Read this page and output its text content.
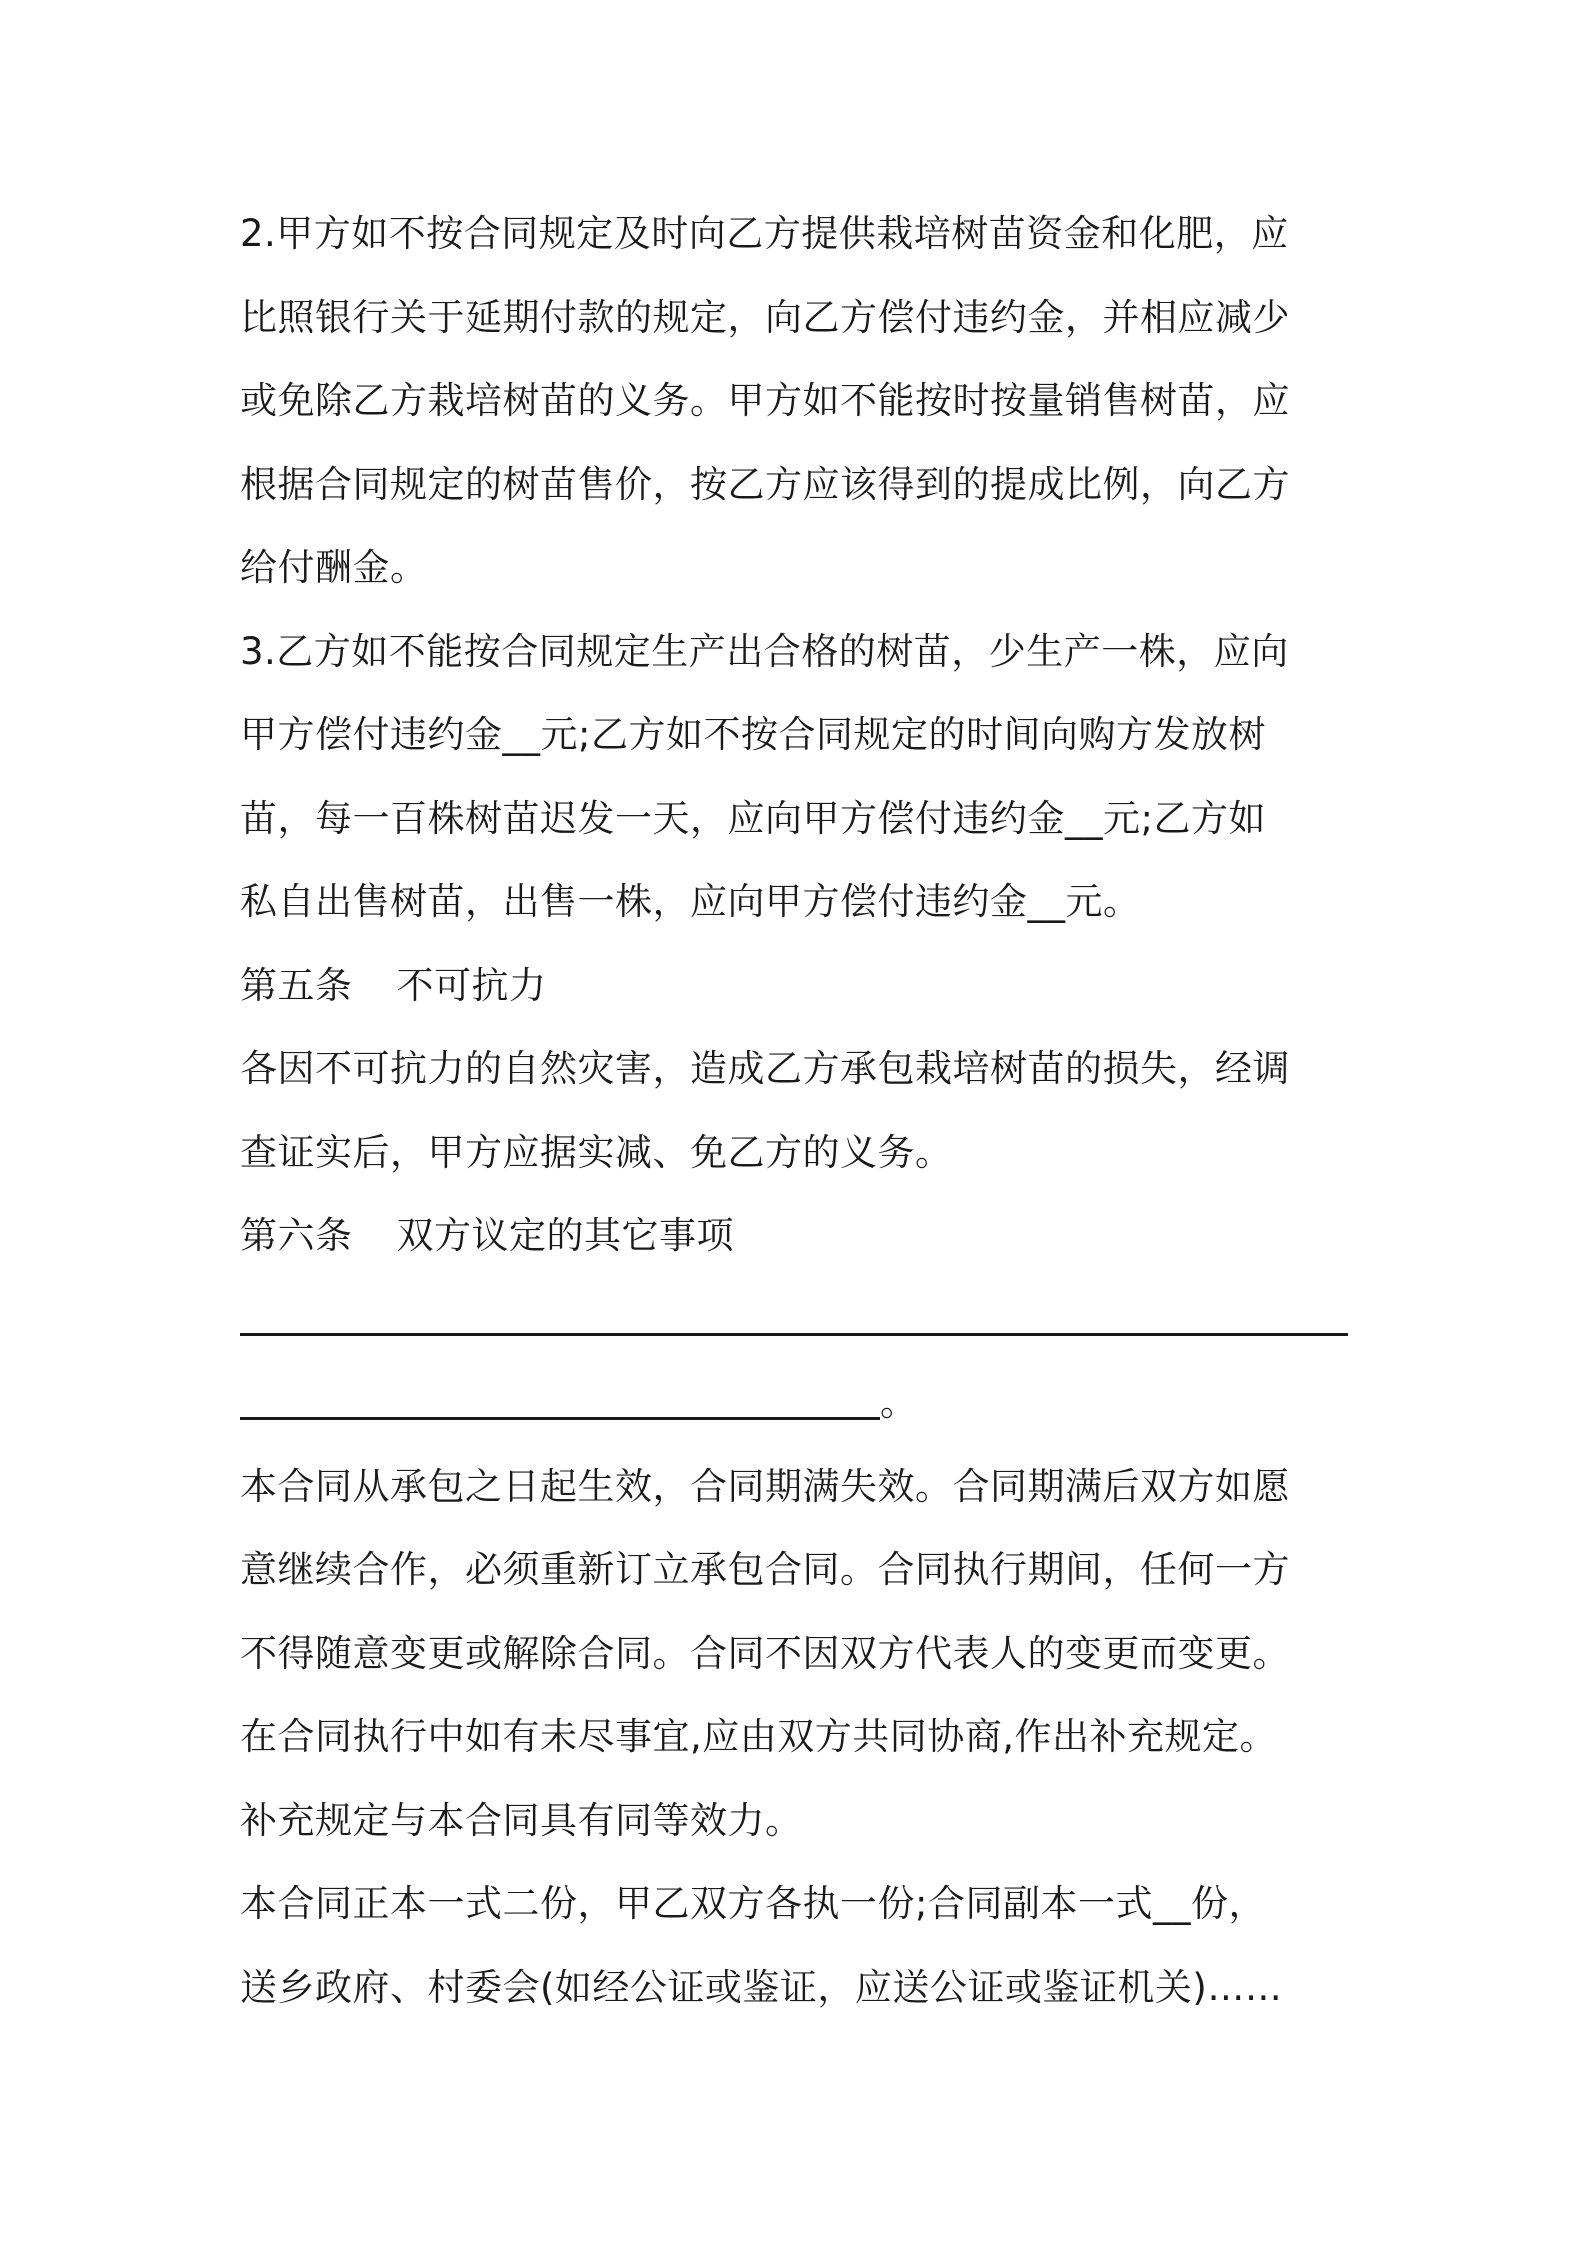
2.甲方如不按合同规定及时向乙方提供栽培树苗资金和化肥，应
比照银行关于延期付款的规定，向乙方偿付违约金，并相应减少
或免除乙方栽培树苗的义务。甲方如不能按时按量销售树苗，应
根据合同规定的树苗售价，按乙方应该得到的提成比例，向乙方
给付酬金。
3.乙方如不能按合同规定生产出合格的树苗，少生产一株，应向
甲方偿付违约金__元;乙方如不按合同规定的时间向购方发放树
苗，每一百株树苗迟发一天，应向甲方偿付违约金__元;乙方如
私自出售树苗，出售一株，应向甲方偿付违约金__元。
第五条 不可抗力
各因不可抗力的自然灾害，造成乙方承包栽培树苗的损失，经调
查证实后，甲方应据实减、免乙方的义务。
第六条 双方议定的其它事项
。
本合同从承包之日起生效，合同期满失效。合同期满后双方如愿
意继续合作，必须重新订立承包合同。合同执行期间，任何一方
不得随意变更或解除合同。合同不因双方代表人的变更而变更。
在合同执行中如有未尽事宜,应由双方共同协商,作出补充规定。
补充规定与本合同具有同等效力。
本合同正本一式二份，甲乙双方各执一份;合同副本一式__份，
送乡政府、村委会(如经公证或鉴证，应送公证或鉴证机关)……
